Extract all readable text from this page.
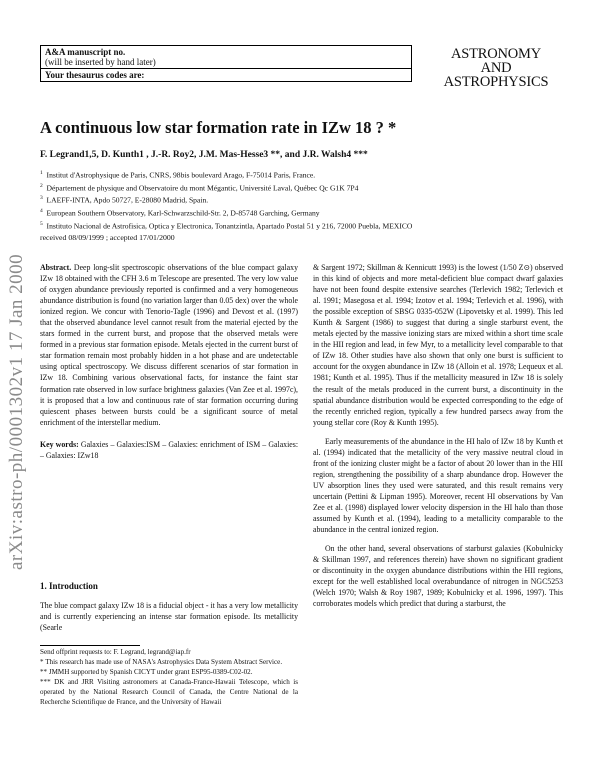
A&A manuscript no.
(will be inserted by hand later)
Your thesaurus codes are:
ASTRONOMY
AND
ASTROPHYSICS
arXiv:astro-ph/0001302v1 17 Jan 2000
A continuous low star formation rate in IZw 18 ? *
F. Legrand1,5, D. Kunth1 , J.-R. Roy2, J.M. Mas-Hesse3 **, and J.R. Walsh4 ***
$^1$ Institut d'Astrophysique de Paris, CNRS, 98bis boulevard Arago, F-75014 Paris, France.
$^2$ Département de physique and Observatoire du mont Mégantic, Université Laval, Québec Qc G1K 7P4
$^3$ LAEFF-INTA, Apdo 50727, E-28080 Madrid, Spain.
$^4$ European Southern Observatory, Karl-Schwarzschild-Str. 2, D-85748 Garching, Germany
$^5$ Instituto Nacional de Astrofisica, Optica y Electronica, Tonantzintla, Apartado Postal 51 y 216, 72000 Puebla, MEXICO
received 08/09/1999 ; accepted 17/01/2000

Abstract. Deep long-slit spectroscopic observations of the blue compact galaxy IZw 18 obtained with the CFH 3.6 m Telescope are presented. The very low value of oxygen abundance previously reported is confirmed and a very homogeneous abundance distribution is found (no variation larger than 0.05 dex) over the whole ionized region. We concur with Tenorio-Tagle (1996) and Devost et al. (1997) that the observed abundance level cannot result from the material ejected by the stars formed in the current burst, and propose that the observed metals were formed in a previous star formation episode. Metals ejected in the current burst of star formation remain most probably hidden in a hot phase and are undetectable using optical spectroscopy. We discuss different scenarios of star formation in IZw 18. Combining various observational facts, for instance the faint star formation rate observed in low surface brightness galaxies (Van Zee et al. 1997c), it is proposed that a low and continuous rate of star formation occurring during quiescent phases between bursts could be a significant source of metal enrichment of the interstellar medium.

Key words: Galaxies – Galaxies:ISM – Galaxies: enrichment of ISM – Galaxies: – Galaxies: IZw18

1. Introduction
The blue compact galaxy IZw 18 is a fiducial object - it has a very low metallicity and is currently experiencing an intense star formation episode. Its metallicity (Searle

Send offprint requests to: F. Legrand, legrand@iap.fr

* This research has made use of NASA's Astrophysics Data System Abstract Service.

** JMMH supported by Spanish CICYT under grant ESP95-0389-C02-02.

*** DK and JRR Visiting astronomers at Canada-France-Hawaii Telescope, which is operated by the National Research Council of Canada, the Centre National de la Recherche Scientifique de France, and the University of Hawaii

& Sargent 1972; Skillman & Kennicutt 1993) is the lowest (1/50 Z⊙) observed in this kind of objects and more metal-deficient blue compact dwarf galaxies have not been found despite extensive searches (Terlevich 1982; Terlevich et al. 1991; Masegosa et al. 1994; Izotov et al. 1994; Terlevich et al. 1996), with the possible exception of SBSG 0335-052W (Lipovetsky et al. 1999). This led Kunth & Sargent (1986) to suggest that during a single starburst event, the metals ejected by the massive ionizing stars are mixed within a short time scale in the HII region and lead, in few Myr, to a metallicity level comparable to that of IZw 18. Other studies have also shown that only one burst is sufficient to account for the oxygen abundance in IZw 18 (Alloin et al. 1978; Lequeux et al. 1981; Kunth et al. 1995). Thus if the metallicity measured in IZw 18 is solely the result of the metals produced in the current burst, a discontinuity in the spatial abundance distribution would be expected corresponding to the edge of the recently enriched region, typically a few hundred parsecs away from the young stellar core (Roy & Kunth 1995).

Early measurements of the abundance in the HI halo of IZw 18 by Kunth et al. (1994) indicated that the metallicity of the very massive neutral cloud in front of the ionizing cluster might be a factor of about 20 lower than in the HII region, strengthening the possibility of a sharp abundance drop. However the UV absorption lines they used were saturated, and this result remains very uncertain (Pettini & Lipman 1995). Moreover, recent HI observations by Van Zee et al. (1998) displayed lower velocity dispersion in the HI halo than those assumed by Kunth et al. (1994), leading to a metallicity comparable to the abundance in the central ionized region.

On the other hand, several observations of starburst galaxies (Kobulnicky & Skillman 1997, and references therein) have shown no significant gradient or discontinuity in the oxygen abundance distributions within the HII regions, except for the well established local overabundance of nitrogen in NGC5253 (Welch 1970; Walsh & Roy 1987, 1989; Kobulnicky et al. 1996, 1997). This corroborates models which predict that during a starburst, the
